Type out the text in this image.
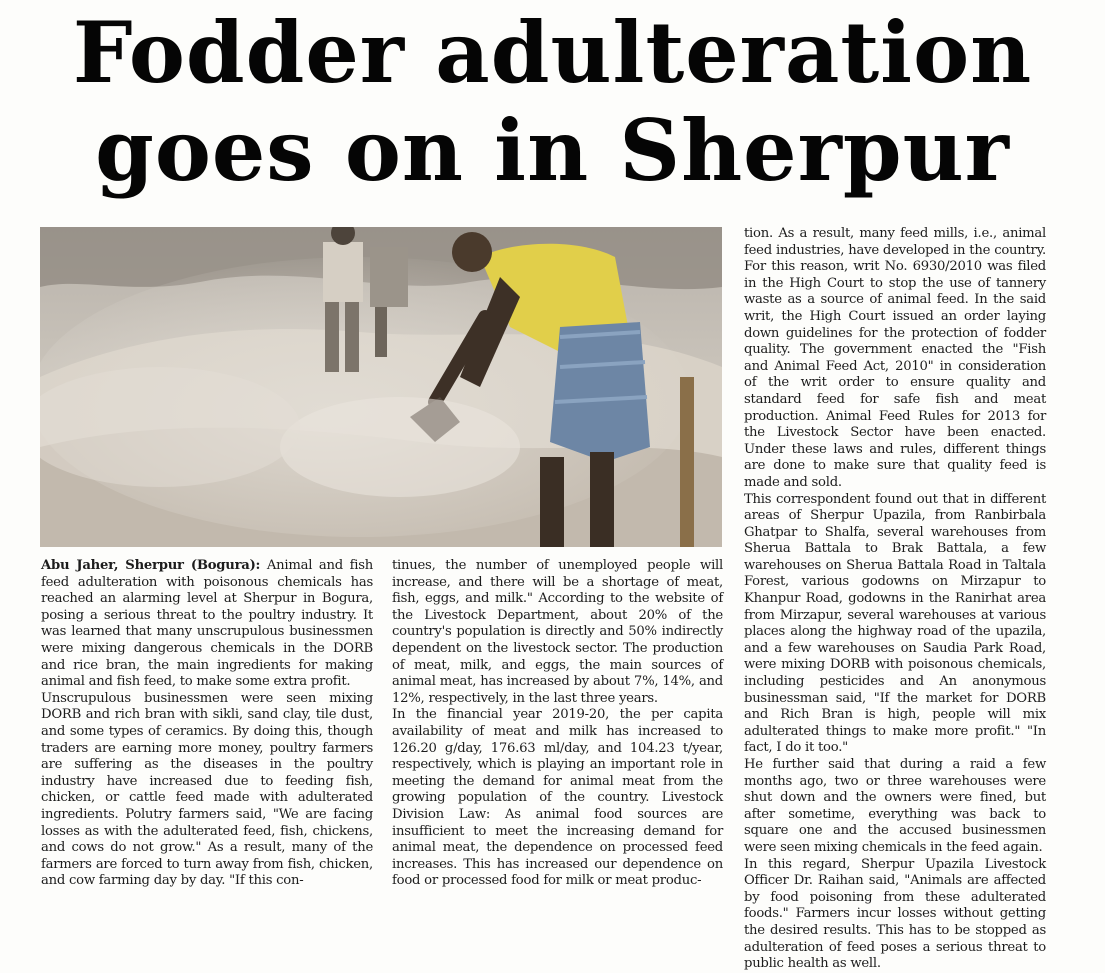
Fodder adulteration
goes on in Sherpur

Abu Jaher, Sherpur (Bogura): Animal and fish feed adulteration with poisonous chemicals has reached an alarming level at Sherpur in Bogura, posing a serious threat to the poultry industry. It was learned that many unscrupulous businessmen were mixing dangerous chemicals in the DORB and rice bran, the main ingredients for making animal and fish feed, to make some extra profit.

Unscrupulous businessmen were seen mixing DORB and rich bran with sikli, sand clay, tile dust, and some types of ceramics. By doing this, though traders are earning more money, poultry farmers are suffering as the diseases in the poultry industry have increased due to feeding fish, chicken, or cattle feed made with adulterated ingredients. Polutry farmers said, "We are facing losses as with the adulterated feed, fish, chickens, and cows do not grow." As a result, many of the farmers are forced to turn away from fish, chicken, and cow farming day by day. "If this con-

tinues, the number of unemployed people will increase, and there will be a shortage of meat, fish, eggs, and milk." According to the website of the Livestock Department, about 20% of the country's population is directly and 50% indirectly dependent on the livestock sector. The production of meat, milk, and eggs, the main sources of animal meat, has increased by about 7%, 14%, and 12%, respectively, in the last three years.

In the financial year 2019-20, the per capita availability of meat and milk has increased to 126.20 g/day, 176.63 ml/day, and 104.23 t/year, respectively, which is playing an important role in meeting the demand for animal meat from the growing population of the country. Livestock Division Law: As animal food sources are insufficient to meet the increasing demand for animal meat, the dependence on processed feed increases. This has increased our dependence on food or processed food for milk or meat produc-

tion. As a result, many feed mills, i.e., animal feed industries, have developed in the country. For this reason, writ No. 6930/2010 was filed in the High Court to stop the use of tannery waste as a source of animal feed. In the said writ, the High Court issued an order laying down guidelines for the protection of fodder quality. The government enacted the "Fish and Animal Feed Act, 2010" in consideration of the writ order to ensure quality and standard feed for safe fish and meat production. Animal Feed Rules for 2013 for the Livestock Sector have been enacted. Under these laws and rules, different things are done to make sure that quality feed is made and sold.

This correspondent found out that in different areas of Sherpur Upazila, from Ranbirbala Ghatpar to Shalfa, several warehouses from Sherua Battala to Brak Battala, a few warehouses on Sherua Battala Road in Taltala Forest, various godowns on Mirzapur to Khanpur Road, godowns in the Ranirhat area from Mirzapur, several warehouses at various places along the highway road of the upazila, and a few warehouses on Saudia Park Road, were mixing DORB with poisonous chemicals, including pesticides and An anonymous businessman said, "If the market for DORB and Rich Bran is high, people will mix adulterated things to make more profit." "In fact, I do it too."

He further said that during a raid a few months ago, two or three warehouses were shut down and the owners were fined, but after sometime, everything was back to square one and the accused businessmen were seen mixing chemicals in the feed again.

In this regard, Sherpur Upazila Livestock Officer Dr. Raihan said, "Animals are affected by food poisoning from these adulterated foods." Farmers incur losses without getting the desired results. This has to be stopped as adulteration of feed poses a serious threat to public health as well.
